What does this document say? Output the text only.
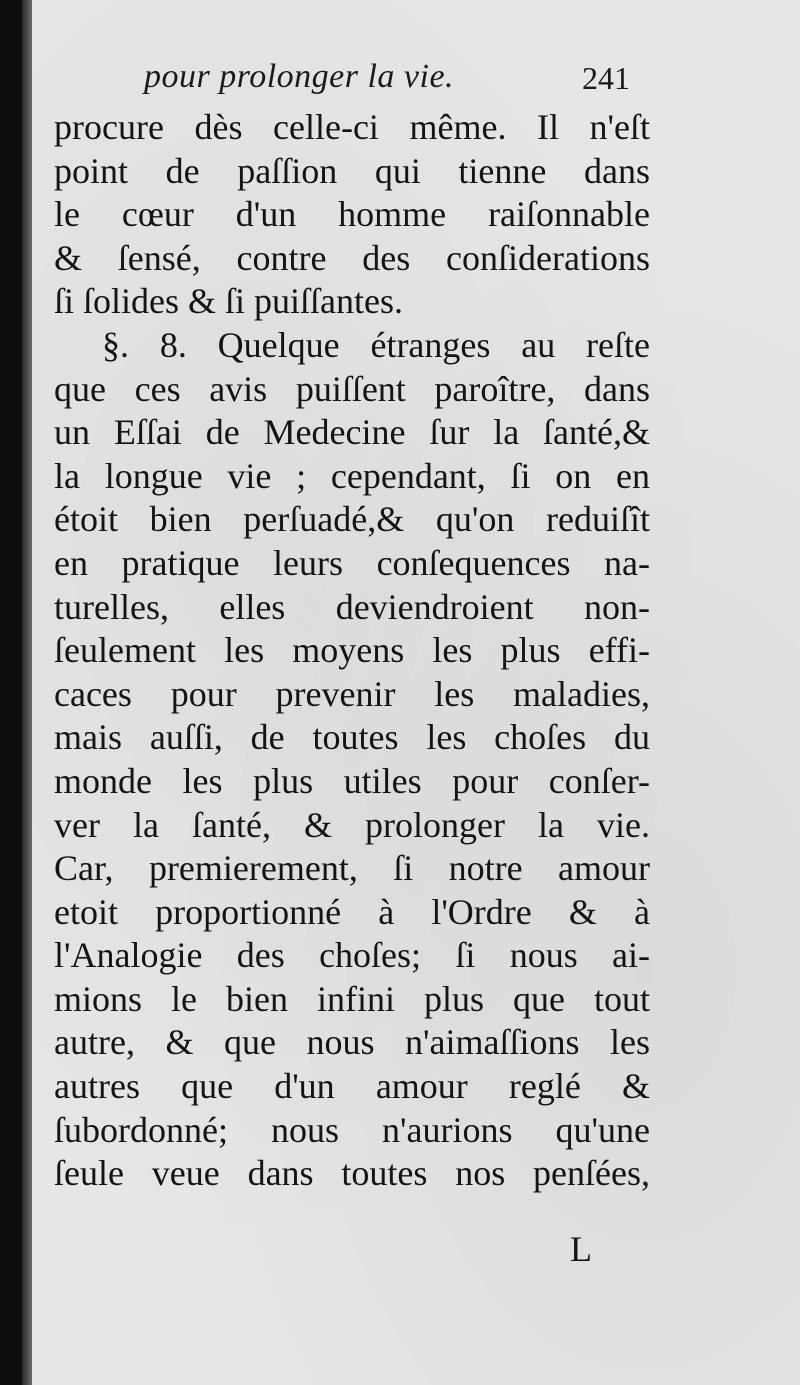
pour prolonger la vie.	241
procure dès celle-ci même. Il n'eſt
point de paſſion qui tienne dans
le cœur d'un homme raiſonnable
& ſensé, contre des conſiderations
ſi ſolides & ſi puiſſantes.
§. 8. Quelque étranges au reſte
que ces avis puiſſent paroître, dans
un Eſſai de Medecine ſur la ſanté,&
la longue vie ; cependant, ſi on en
étoit bien perſuadé,& qu'on reduiſît
en pratique leurs conſequences na-
turelles, elles deviendroient non-
ſeulement les moyens les plus effi-
caces pour prevenir les maladies,
mais auſſi, de toutes les choſes du
monde les plus utiles pour conſer-
ver la ſanté, & prolonger la vie.
Car, premierement, ſi notre amour
etoit proportionné à l'Ordre & à
l'Analogie des choſes; ſi nous ai-
mions le bien infini plus que tout
autre, & que nous n'aimaſſions les
autres que d'un amour reglé &
ſubordonné; nous n'aurions qu'une
ſeule veue dans toutes nos penſées,
L
